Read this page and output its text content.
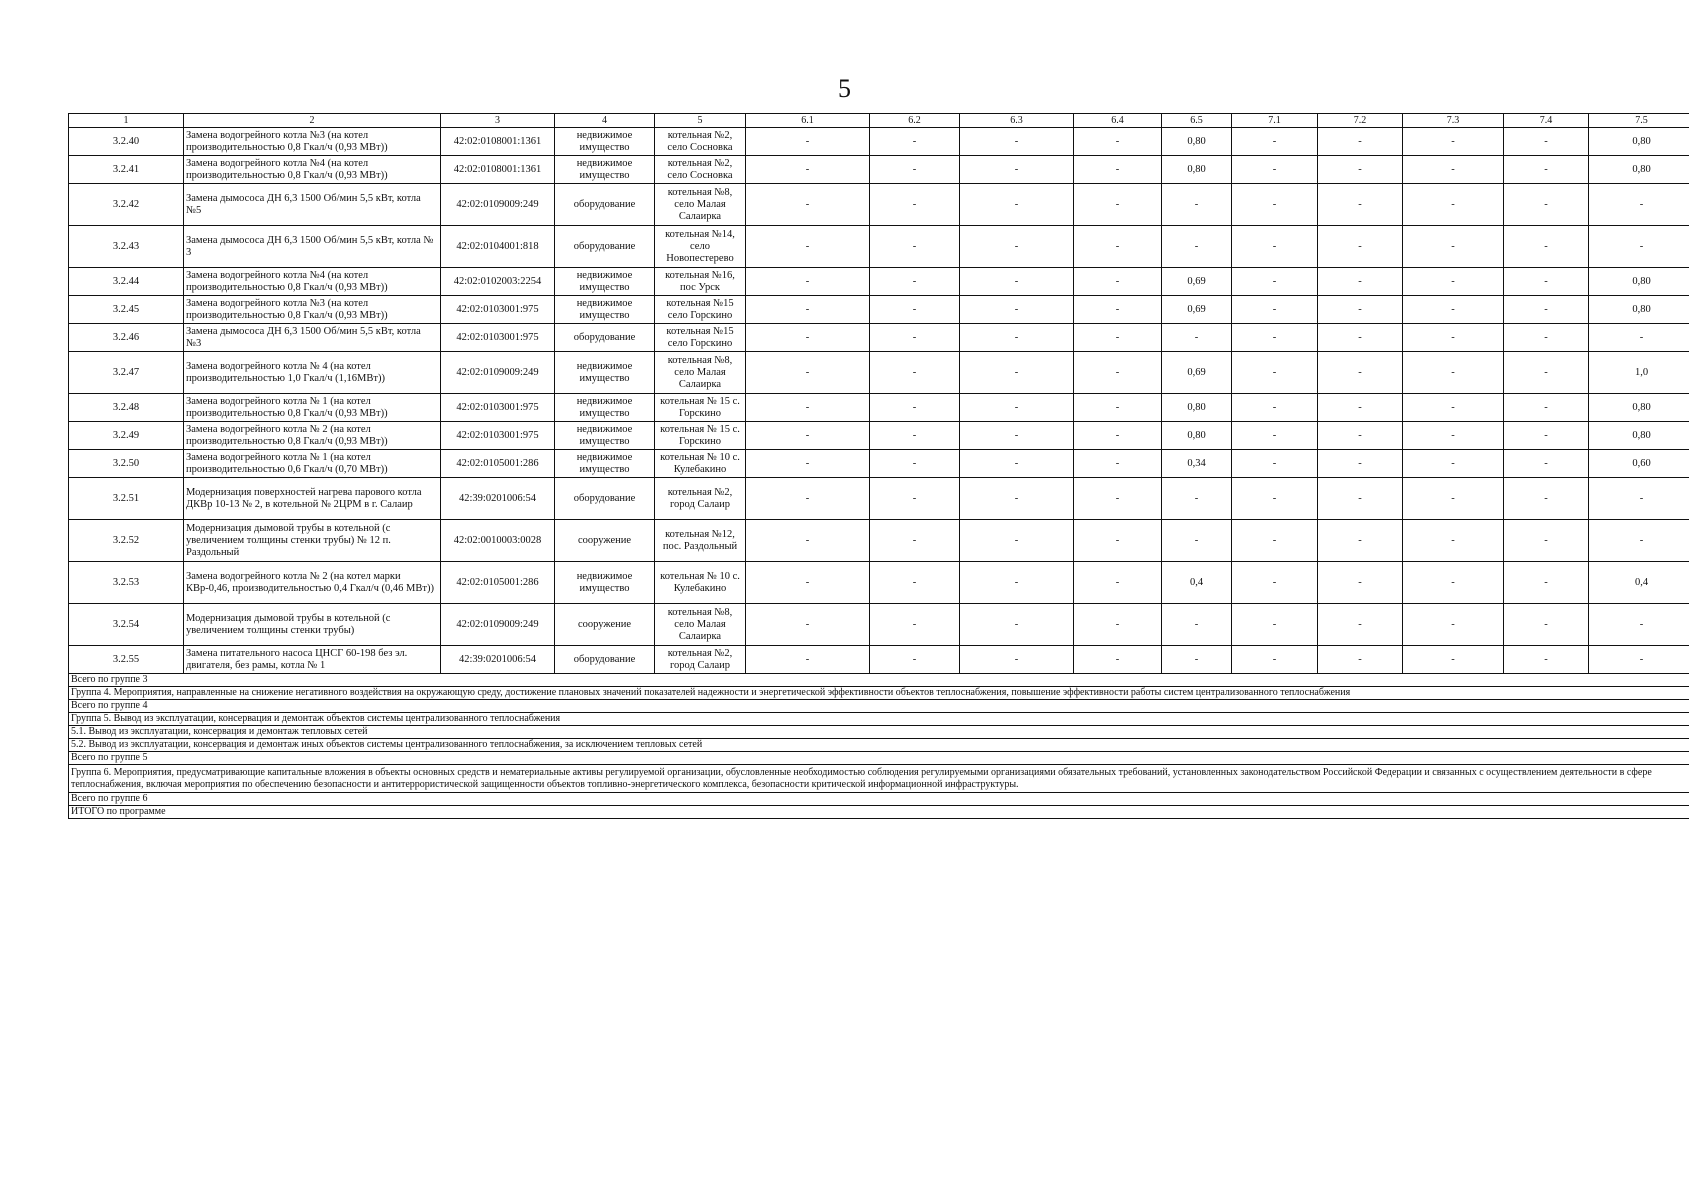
5
1	2	3	4	5	6.1	6.2	6.3	6.4	6.5	7.1	7.2	7.3	7.4	7.5
3.2.40	Замена водогрейного котла №3 (на котел производительностью 0,8 Гкал/ч (0,93 МВт))	42:02:0108001:1361	недвижимое имущество	котельная №2, село Сосновка	-	-	-	-	0,80	-	-	-	-	0,80
3.2.41	Замена водогрейного котла №4 (на котел производительностью 0,8 Гкал/ч (0,93 МВт))	42:02:0108001:1361	недвижимое имущество	котельная №2, село Сосновка	-	-	-	-	0,80	-	-	-	-	0,80
3.2.42	Замена дымососа ДН 6,3 1500 Об/мин 5,5 кВт, котла №5	42:02:0109009:249	оборудование	котельная №8, село Малая Салаирка	-	-	-	-	-	-	-	-	-	-
3.2.43	Замена дымососа ДН 6,3 1500 Об/мин 5,5 кВт, котла № 3	42:02:0104001:818	оборудование	котельная №14, село Новопестерево	-	-	-	-	-	-	-	-	-	-
3.2.44	Замена водогрейного котла №4 (на котел производительностью 0,8 Гкал/ч (0,93 МВт))	42:02:0102003:2254	недвижимое имущество	котельная №16, пос Урск	-	-	-	-	0,69	-	-	-	-	0,80
3.2.45	Замена водогрейного котла №3 (на котел производительностью 0,8 Гкал/ч (0,93 МВт))	42:02:0103001:975	недвижимое имущество	котельная №15 село Горскино	-	-	-	-	0,69	-	-	-	-	0,80
3.2.46	Замена дымососа ДН 6,3 1500 Об/мин 5,5 кВт, котла №3	42:02:0103001:975	оборудование	котельная №15 село Горскино	-	-	-	-	-	-	-	-	-	-
3.2.47	Замена водогрейного котла № 4 (на котел производительностью 1,0 Гкал/ч (1,16МВт))	42:02:0109009:249	недвижимое имущество	котельная №8, село Малая Салаирка	-	-	-	-	0,69	-	-	-	-	1,0
3.2.48	Замена водогрейного котла № 1 (на котел производительностью 0,8 Гкал/ч (0,93 МВт))	42:02:0103001:975	недвижимое имущество	котельная № 15 с. Горскино	-	-	-	-	0,80	-	-	-	-	0,80
3.2.49	Замена водогрейного котла № 2 (на котел производительностью 0,8 Гкал/ч (0,93 МВт))	42:02:0103001:975	недвижимое имущество	котельная № 15 с. Горскино	-	-	-	-	0,80	-	-	-	-	0,80
3.2.50	Замена водогрейного котла № 1 (на котел производительностью 0,6 Гкал/ч (0,70 МВт))	42:02:0105001:286	недвижимое имущество	котельная № 10 с. Кулебакино	-	-	-	-	0,34	-	-	-	-	0,60
3.2.51	Модернизация поверхностей нагрева парового котла ДКВр 10-13 № 2, в котельной № 2ЦРМ в г. Салаир	42:39:0201006:54	оборудование	котельная №2, город Салаир	-	-	-	-	-	-	-	-	-	-
3.2.52	Модернизация дымовой трубы в котельной (с увеличением толщины стенки трубы) № 12 п. Раздольный	42:02:0010003:0028	сооружение	котельная №12, пос. Раздольный	-	-	-	-	-	-	-	-	-	-
3.2.53	Замена водогрейного котла № 2 (на котел марки КВр-0,46, производительностью 0,4 Гкал/ч (0,46 МВт))	42:02:0105001:286	недвижимое имущество	котельная № 10 с. Кулебакино	-	-	-	-	0,4	-	-	-	-	0,4
3.2.54	Модернизация дымовой трубы в котельной (с увеличением толщины стенки трубы)	42:02:0109009:249	сооружение	котельная №8, село Малая Салаирка	-	-	-	-	-	-	-	-	-	-
3.2.55	Замена питательного насоса ЦНСГ 60-198 без эл. двигателя, без рамы, котла № 1	42:39:0201006:54	оборудование	котельная №2, город Салаир	-	-	-	-	-	-	-	-	-	-
Всего по группе 3														
Группа 4. Мероприятия, направленные на снижение негативного воздействия на окружающую среду, достижение плановых значений показателей надежности и энергетической эффективности объектов теплоснабжения, повышение эффективности работы систем централизованного теплоснабжения														
Всего по группе 4														
Группа 5. Вывод из эксплуатации, консервация и демонтаж объектов системы централизованного теплоснабжения														
5.1. Вывод из эксплуатации, консервация и демонтаж тепловых сетей														
5.2. Вывод из эксплуатации, консервация и демонтаж иных объектов системы централизованного теплоснабжения, за исключением тепловых сетей														
Всего по группе 5														
Группа 6. Мероприятия, предусматривающие капитальные вложения в объекты основных средств и нематериальные активы регулируемой организации, обусловленные необходимостью соблюдения регулируемыми организациями обязательных требований, установленных законодательством Российской Федерации и связанных с осуществлением деятельности в сфере теплоснабжения, включая мероприятия по обеспечению безопасности и антитеррористической защищенности объектов топливно-энергетического комплекса, безопасности критической информационной инфраструктуры.														
Всего по группе 6														
ИТОГО по программе														
